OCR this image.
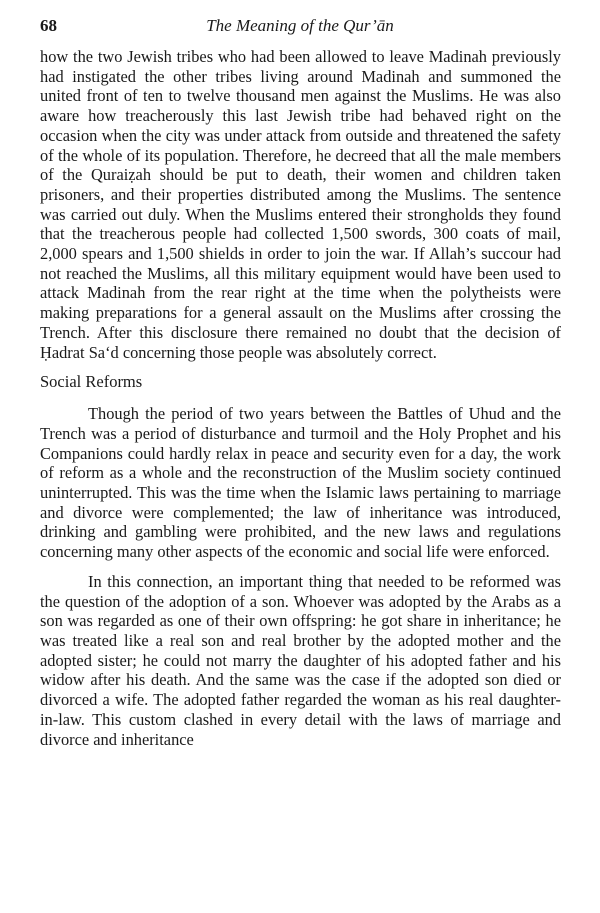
68	The Meaning of the Qur’ān

how the two Jewish tribes who had been allowed to leave Madinah previously had instigated the other tribes living around Madinah and summoned the united front of ten to twelve thousand men against the Muslims. He was also aware how treacherously this last Jewish tribe had behaved right on the occasion when the city was under attack from outside and threatened the safety of the whole of its population. Therefore, he decreed that all the male members of the Quraiẓah should be put to death, their women and children taken prisoners, and their properties distributed among the Muslims. The sentence was carried out duly. When the Muslims entered their strongholds they found that the treacherous people had collected 1,500 swords, 300 coats of mail, 2,000 spears and 1,500 shields in order to join the war. If Allah’s succour had not reached the Muslims, all this military equipment would have been used to attack Madinah from the rear right at the time when the polytheists were making preparations for a general assault on the Muslims after crossing the Trench. After this disclosure there remained no doubt that the decision of Ḥadrat Sa‘d concerning those people was absolutely correct.

Social Reforms

Though the period of two years between the Battles of Uhud and the Trench was a period of disturbance and turmoil and the Holy Prophet and his Companions could hardly relax in peace and security even for a day, the work of reform as a whole and the reconstruction of the Muslim society continued uninterrupted. This was the time when the Islamic laws pertaining to marriage and divorce were complemented; the law of inheritance was introduced, drinking and gambling were prohibited, and the new laws and regulations concerning many other aspects of the economic and social life were enforced.

In this connection, an important thing that needed to be reformed was the question of the adoption of a son. Whoever was adopted by the Arabs as a son was regarded as one of their own offspring: he got share in inheritance; he was treated like a real son and real brother by the adopted mother and the adopted sister; he could not marry the daughter of his adopted father and his widow after his death. And the same was the case if the adopted son died or divorced a wife. The adopted father regarded the woman as his real daughter-in-law. This custom clashed in every detail with the laws of marriage and divorce and inheritance
